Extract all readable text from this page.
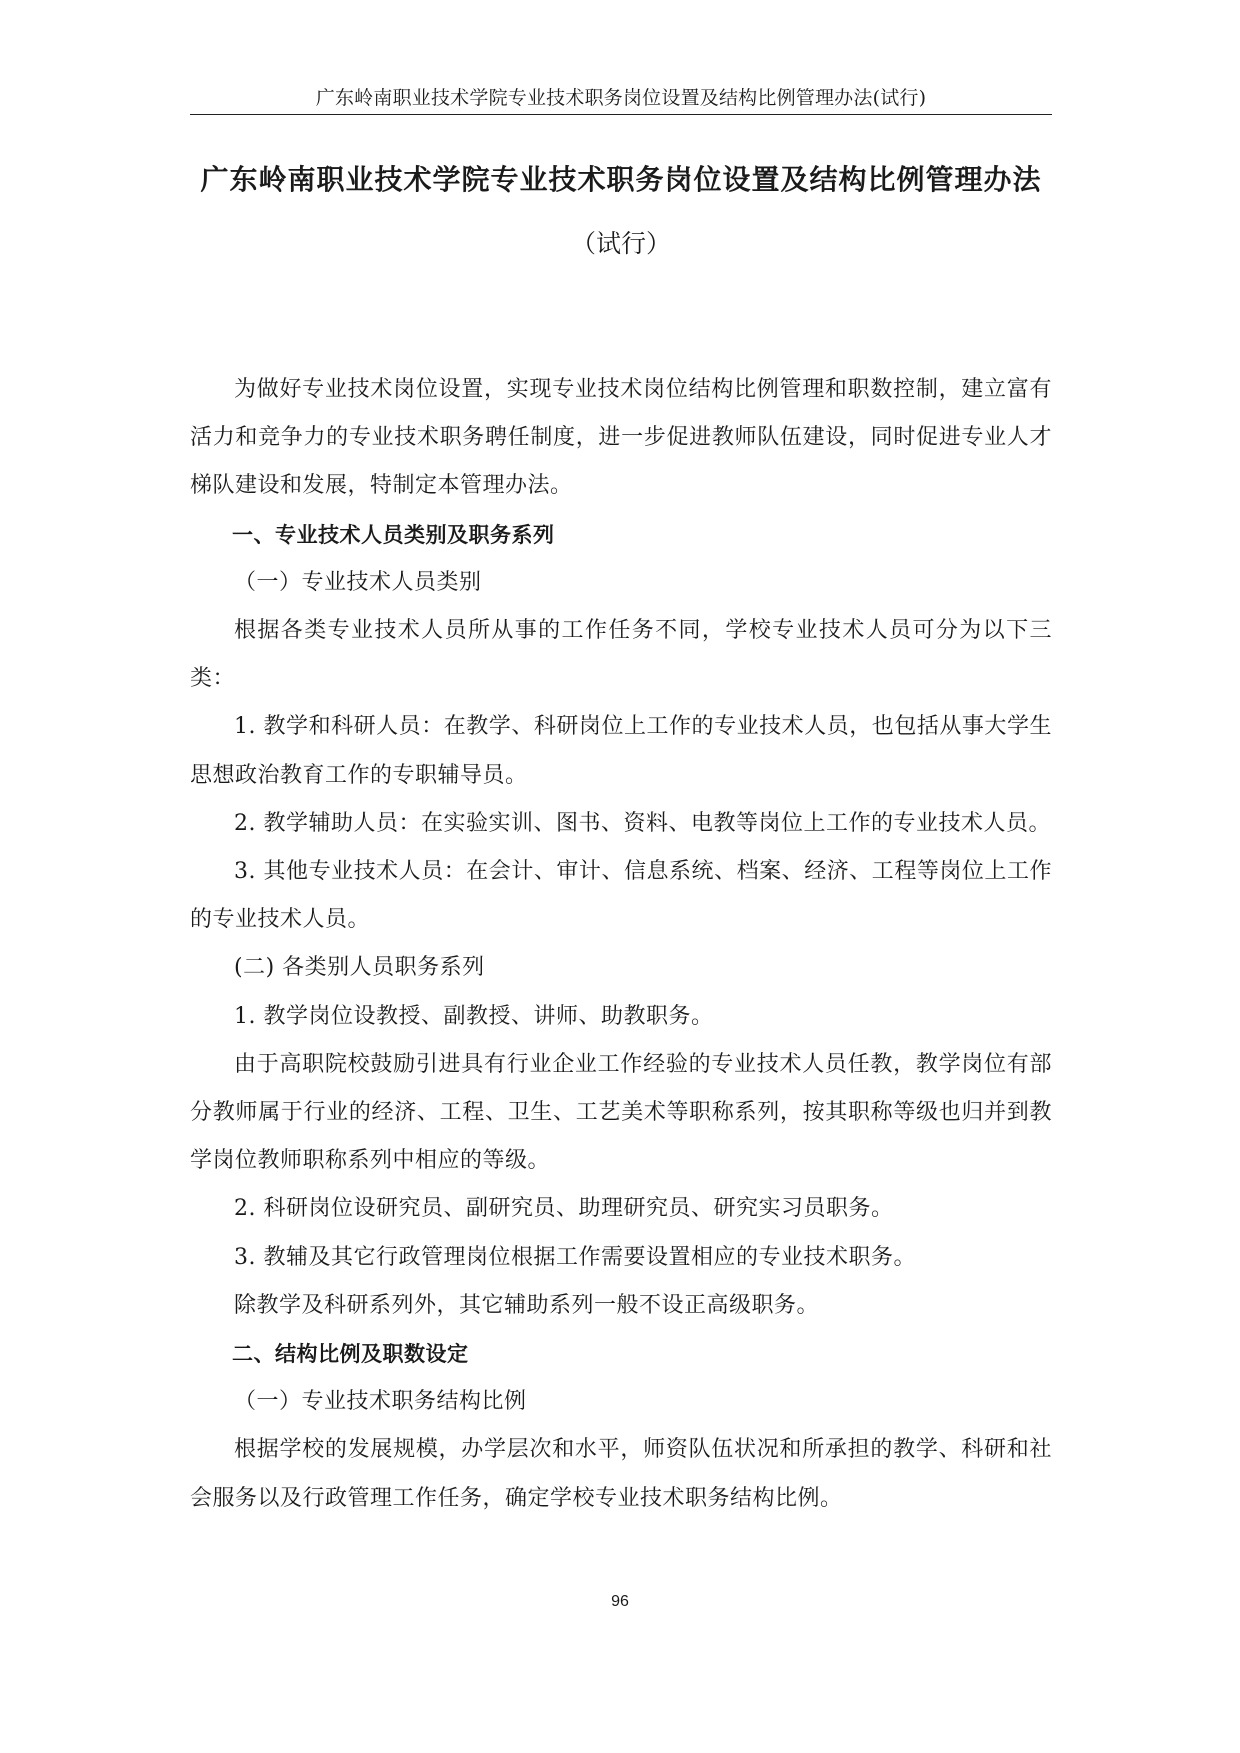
广东岭南职业技术学院专业技术职务岗位设置及结构比例管理办法(试行)
广东岭南职业技术学院专业技术职务岗位设置及结构比例管理办法
（试行）

为做好专业技术岗位设置，实现专业技术岗位结构比例管理和职数控制，建立富有活力和竞争力的专业技术职务聘任制度，进一步促进教师队伍建设，同时促进专业人才梯队建设和发展，特制定本管理办法。

一、专业技术人员类别及职务系列

（一）专业技术人员类别

根据各类专业技术人员所从事的工作任务不同，学校专业技术人员可分为以下三类：

1. 教学和科研人员：在教学、科研岗位上工作的专业技术人员，也包括从事大学生思想政治教育工作的专职辅导员。

2. 教学辅助人员：在实验实训、图书、资料、电教等岗位上工作的专业技术人员。

3. 其他专业技术人员：在会计、审计、信息系统、档案、经济、工程等岗位上工作的专业技术人员。

(二) 各类别人员职务系列

1. 教学岗位设教授、副教授、讲师、助教职务。

由于高职院校鼓励引进具有行业企业工作经验的专业技术人员任教，教学岗位有部分教师属于行业的经济、工程、卫生、工艺美术等职称系列，按其职称等级也归并到教学岗位教师职称系列中相应的等级。

2. 科研岗位设研究员、副研究员、助理研究员、研究实习员职务。

3. 教辅及其它行政管理岗位根据工作需要设置相应的专业技术职务。

除教学及科研系列外，其它辅助系列一般不设正高级职务。

二、结构比例及职数设定

（一）专业技术职务结构比例

根据学校的发展规模，办学层次和水平，师资队伍状况和所承担的教学、科研和社会服务以及行政管理工作任务，确定学校专业技术职务结构比例。

96
